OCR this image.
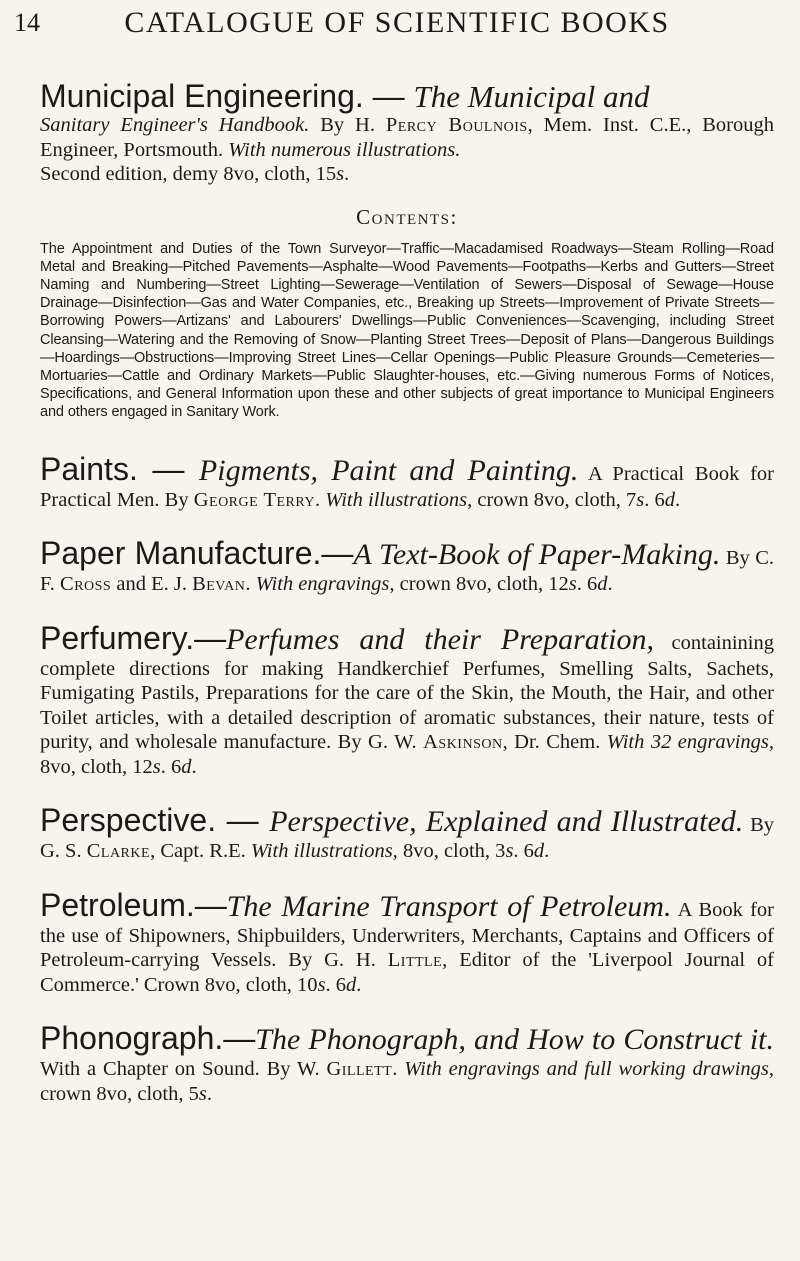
14	CATALOGUE OF SCIENTIFIC BOOKS

Municipal Engineering. — The Municipal and

Sanitary Engineer's Handbook. By H. Percy Boulnois, Mem. Inst. C.E., Borough Engineer, Portsmouth. With numerous illustrations.
Second edition, demy 8vo, cloth, 15s.

Contents:

The Appointment and Duties of the Town Surveyor—Traffic—Macadamised Roadways—Steam Rolling—Road Metal and Breaking—Pitched Pavements—Asphalte—Wood Pavements—Footpaths—Kerbs and Gutters—Street Naming and Numbering—Street Lighting—Sewerage—Ventilation of Sewers—Disposal of Sewage—House Drainage—Disinfection—Gas and Water Companies, etc., Breaking up Streets—Improvement of Private Streets—Borrowing Powers—Artizans' and Labourers' Dwellings—Public Conveniences—Scavenging, including Street Cleansing—Watering and the Removing of Snow—Planting Street Trees—Deposit of Plans—Dangerous Buildings—Hoardings—Obstructions—Improving Street Lines—Cellar Openings—Public Pleasure Grounds—Cemeteries—Mortuaries—Cattle and Ordinary Markets—Public Slaughter-houses, etc.—Giving numerous Forms of Notices, Specifications, and General Information upon these and other subjects of great importance to Municipal Engineers and others engaged in Sanitary Work.

Paints. — Pigments, Paint and Painting. A Practical Book for Practical Men. By George Terry. With illustrations, crown 8vo, cloth, 7s. 6d.

Paper Manufacture.—A Text-Book of Paper-Making. By C. F. Cross and E. J. Bevan. With engravings, crown 8vo, cloth, 12s. 6d.

Perfumery.—Perfumes and their Preparation, containining complete directions for making Handkerchief Perfumes, Smelling Salts, Sachets, Fumigating Pastils, Preparations for the care of the Skin, the Mouth, the Hair, and other Toilet articles, with a detailed description of aromatic substances, their nature, tests of purity, and wholesale manufacture. By G. W. Askinson, Dr. Chem. With 32 engravings, 8vo, cloth, 12s. 6d.

Perspective. — Perspective, Explained and Illustrated. By G. S. Clarke, Capt. R.E. With illustrations, 8vo, cloth, 3s. 6d.

Petroleum.—The Marine Transport of Petroleum. A Book for the use of Shipowners, Shipbuilders, Underwriters, Merchants, Captains and Officers of Petroleum-carrying Vessels. By G. H. Little, Editor of the 'Liverpool Journal of Commerce.' Crown 8vo, cloth, 10s. 6d.

Phonograph.—The Phonograph, and How to Construct it. With a Chapter on Sound. By W. Gillett. With engravings and full working drawings, crown 8vo, cloth, 5s.
